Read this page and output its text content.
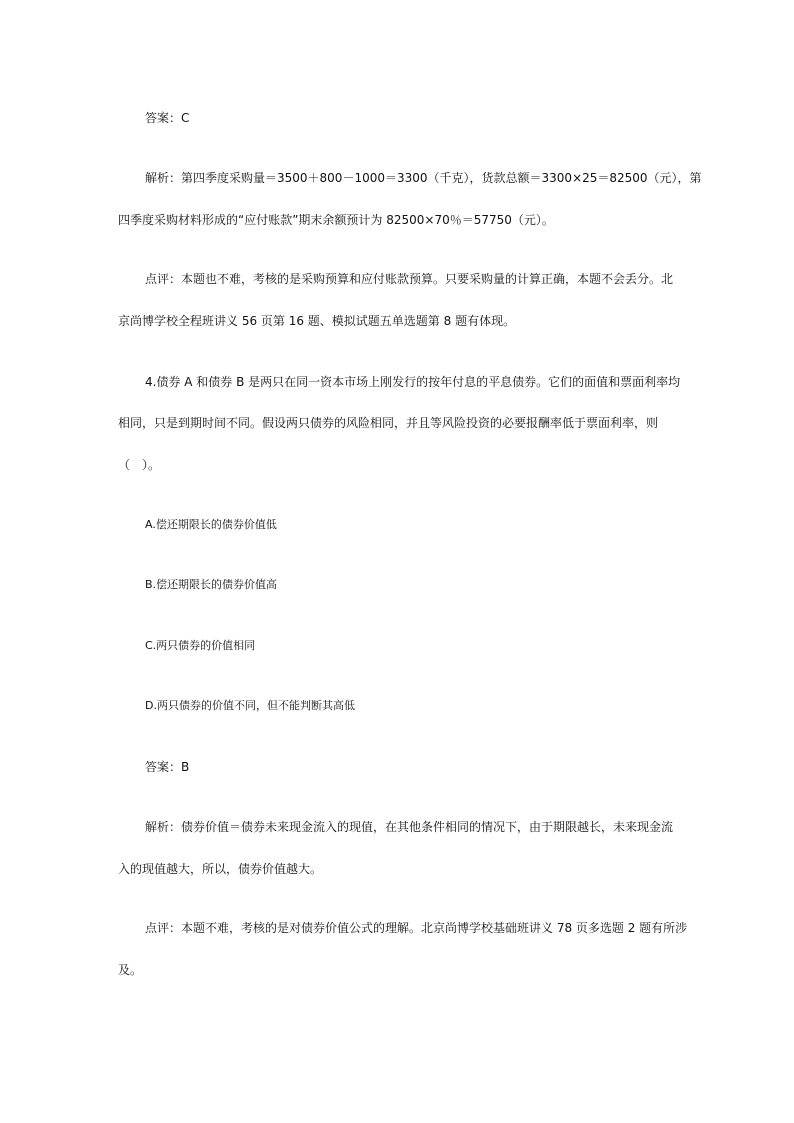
答案：C
解析：第四季度采购量＝3500＋800－1000＝3300（千克），货款总额＝3300×25＝82500（元），第
四季度采购材料形成的“应付账款”期末余额预计为 82500×70％＝57750（元）。
点评：本题也不难，考核的是采购预算和应付账款预算。只要采购量的计算正确，本题不会丢分。北
京尚博学校全程班讲义 56 页第 16 题、模拟试题五单选题第 8 题有体现。
4.债券 A 和债券 B 是两只在同一资本市场上刚发行的按年付息的平息债券。它们的面值和票面利率均
相同，只是到期时间不同。假设两只债券的风险相同，并且等风险投资的必要报酬率低于票面利率，则
（　）。
A.偿还期限长的债券价值低
B.偿还期限长的债券价值高
C.两只债券的价值相同
D.两只债券的价值不同，但不能判断其高低
答案：B
解析：债券价值＝债券未来现金流入的现值，在其他条件相同的情况下，由于期限越长，未来现金流
入的现值越大，所以，债券价值越大。
点评：本题不难，考核的是对债券价值公式的理解。北京尚博学校基础班讲义 78 页多选题 2 题有所涉
及。
